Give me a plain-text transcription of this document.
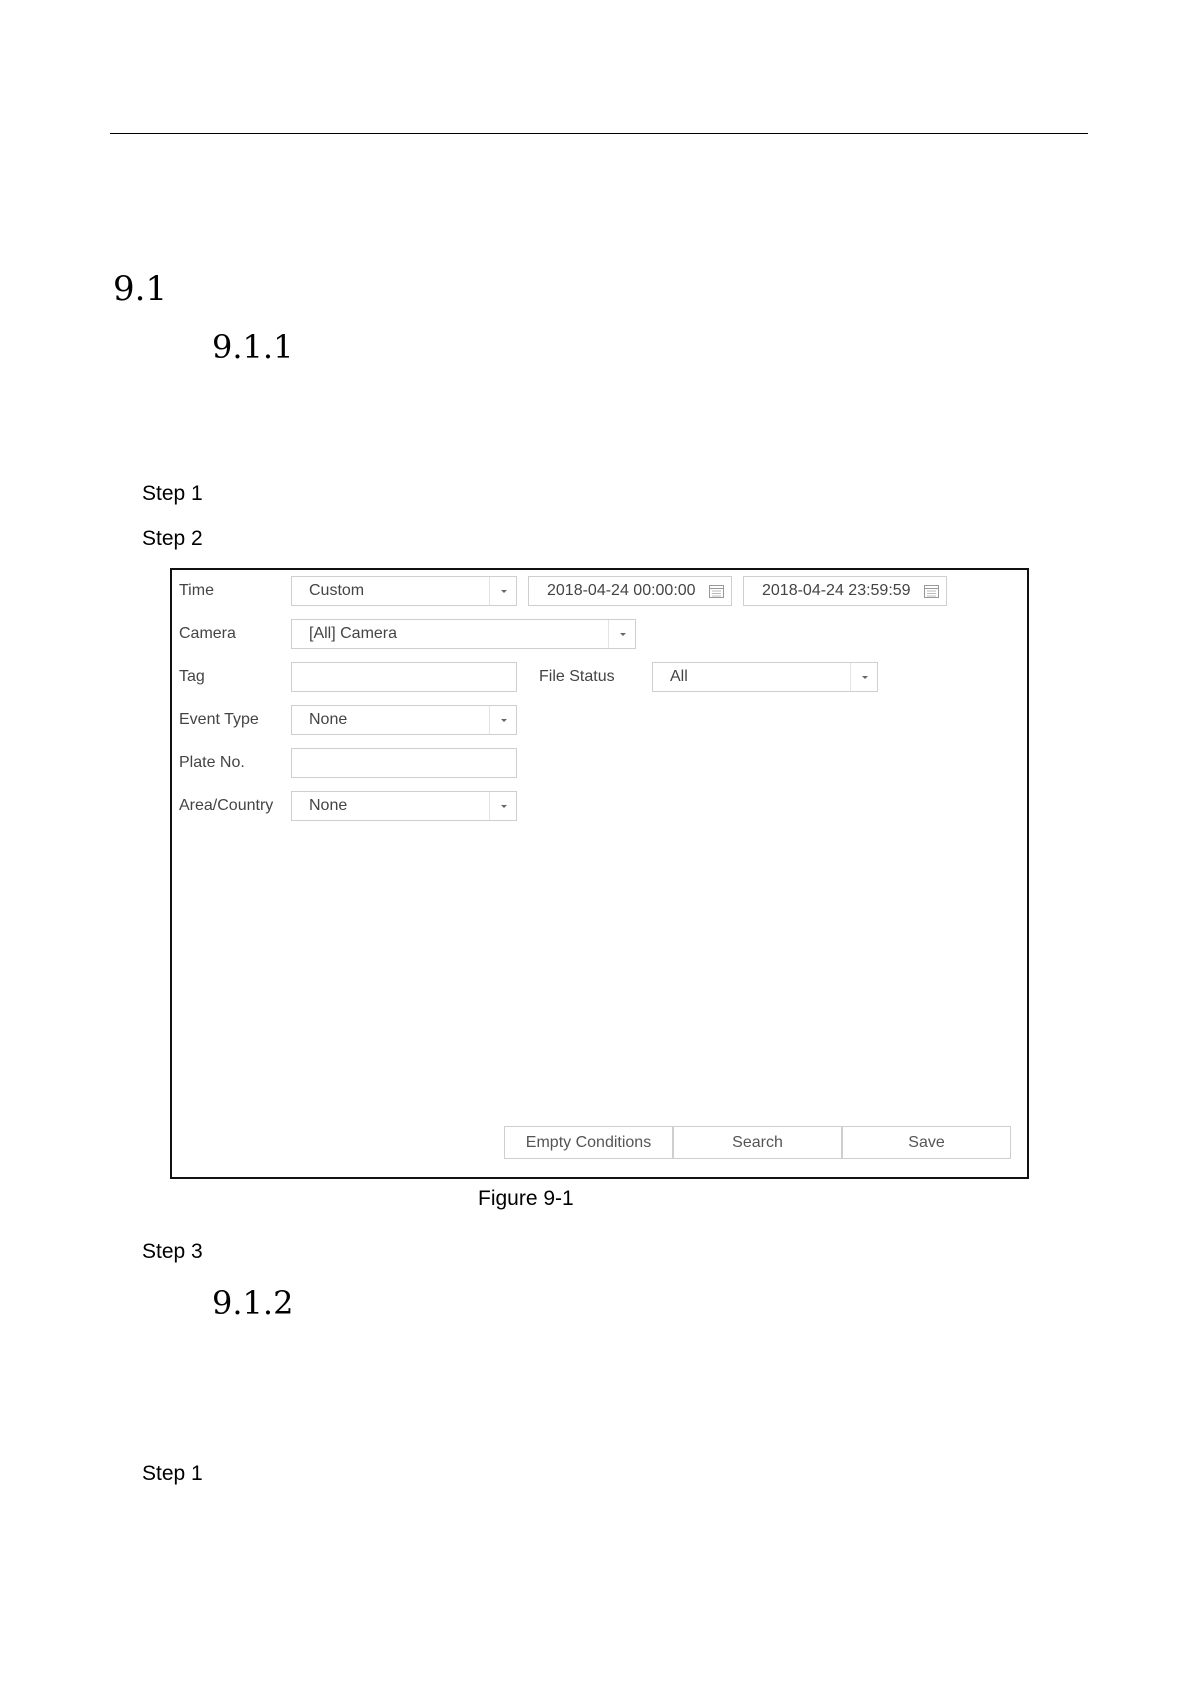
9.1
9.1.1
Step 1
Step 2
Time	Custom	2018-04-24 00:00:00	2018-04-24 23:59:59
Camera	[All] Camera
Tag	File Status	All
Event Type	None
Plate No.
Area/Country None
Empty Conditions	Search	Save
Figure 9-1
Step 3
9.1.2
Step 1
